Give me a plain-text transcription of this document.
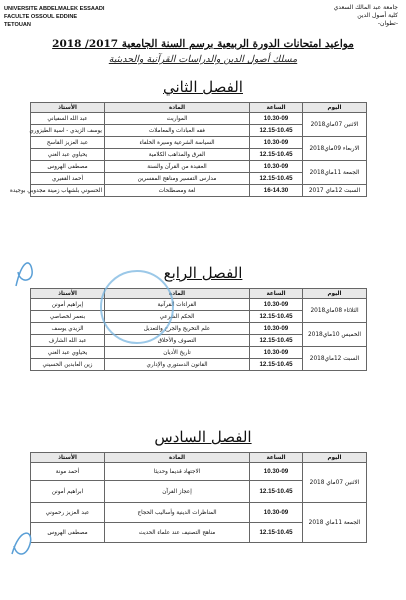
UNIVERSITE ABDELMALEK ESSAADI
FACULTE OSSOUL EDDINE
TETOUAN
جامعة عبد المالك السعدي
كلية أصول الدين
-تطوان-
مواعيد امتحانات الدورة الربيعية برسم السنة الجامعية 2017/ 2018
مسلك أصول الدين والدراسات القرآنية والحديثية
الفصل الثاني
اليوم	الساعة	المادة	الأستاذ
الاثنين 07ماي2018	10.30-09	المواريث	عبد الله السفياني
	12.15-10.45	فقه العبادات والمعاملات	يوسف الزيدي - اسية الطيزوري
الاربعاء 09ماي2018	10.30-09	السياسة الشرعية وسيرة الخلفاء	عبد العزيز القاسح
	12.15-10.45	الفرق والمذاهب الكلامية	يحياوي عبد الغني
الجمعة 11ماي2018	10.30-09	العقيدة من القرآن والسنة	مصطفى الهروس
	12.15-10.45	مدارس التفسير ومناهج المفسرين	أحمد القفيري
السبت 12ماي 2017	16-14.30	لغة ومصطلحات	الحسوني بلشهاب زمينة مجدوبي بوجيدة
الفصل الرابع
اليوم	الساعة	المادة	الأستاذ
الثلاثاء 08ماي2018	10.30-09	القراءات القرآنية	إبراهيم أمونن
	12.15-10.45	الحكم الشرعي	بنعمر لخصاصي
الخميس 10ماي2018	10.30-09	علم التخريج والجرح والتعديل	الزيدي يوسف
	12.15-10.45	التصوف والأخلاق	عبد الله الشارف
السبت 12ماي2018	10.30-09	تاريخ الأديان	يحياوي عبد الغني
	12.15-10.45	القانون الدستوري والإداري	زين العابدين الحسيني
الفصل السادس
اليوم	الساعة	المادة	الأستاذ
الاثنين 07ماي 2018	10.30-09	الاجتهاد قديما وحديثا	أحمد مونة
	12.15-10.45	إعجاز القرآن	ابراهيم أمونن
الجمعة 11ماي 2018	10.30-09	المناظرات الدينية وأساليب الحجاج	عبد العزيز رحموني
	12.15-10.45	مناهج التصنيف عند علماء الحديث	مصطفى الهروس
